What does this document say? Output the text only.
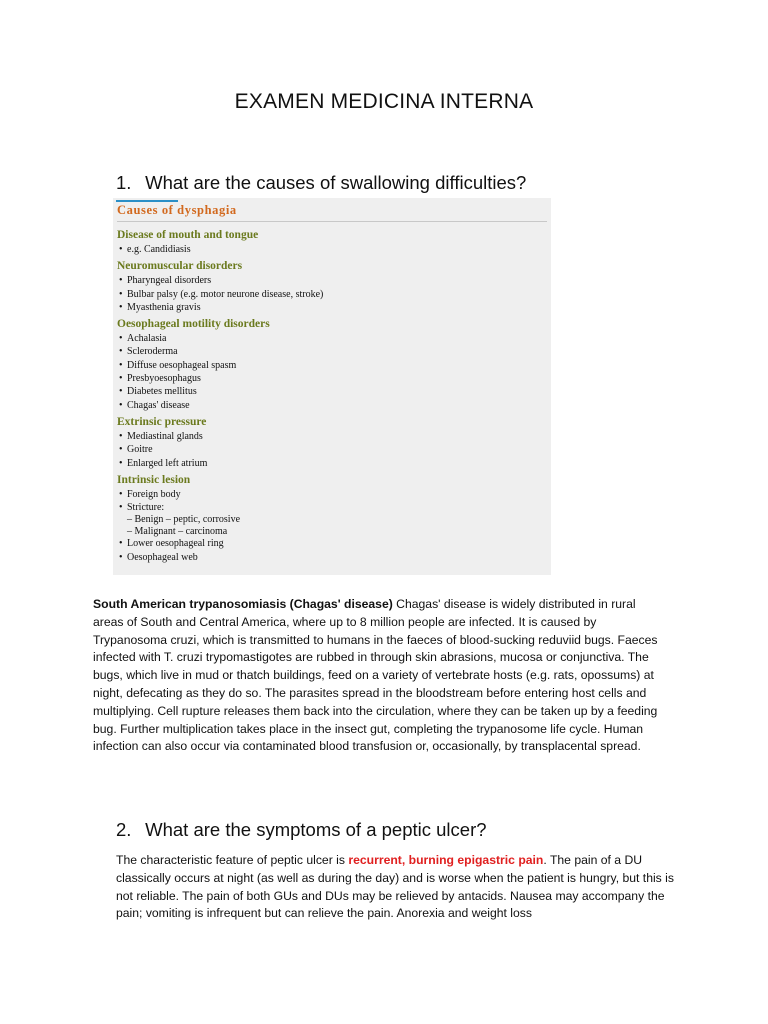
EXAMEN MEDICINA INTERNA
1. What are the causes of swallowing difficulties?
Causes of dysphagia
Disease of mouth and tongue
• e.g. Candidiasis
Neuromuscular disorders
• Pharyngeal disorders
• Bulbar palsy (e.g. motor neurone disease, stroke)
• Myasthenia gravis
Oesophageal motility disorders
• Achalasia
• Scleroderma
• Diffuse oesophageal spasm
• Presbyoesophagus
• Diabetes mellitus
• Chagas' disease
Extrinsic pressure
• Mediastinal glands
• Goitre
• Enlarged left atrium
Intrinsic lesion
• Foreign body
• Stricture:
– Benign – peptic, corrosive
– Malignant – carcinoma
• Lower oesophageal ring
• Oesophageal web
South American trypanosomiasis (Chagas' disease) Chagas' disease is widely distributed in rural areas of South and Central America, where up to 8 million people are infected. It is caused by Trypanosoma cruzi, which is transmitted to humans in the faeces of blood-sucking reduviid bugs. Faeces infected with T. cruzi trypomastigotes are rubbed in through skin abrasions, mucosa or conjunctiva. The bugs, which live in mud or thatch buildings, feed on a variety of vertebrate hosts (e.g. rats, opossums) at night, defecating as they do so. The parasites spread in the bloodstream before entering host cells and multiplying. Cell rupture releases them back into the circulation, where they can be taken up by a feeding bug. Further multiplication takes place in the insect gut, completing the trypanosome life cycle. Human infection can also occur via contaminated blood transfusion or, occasionally, by transplacental spread.
2. What are the symptoms of a peptic ulcer?
The characteristic feature of peptic ulcer is recurrent, burning epigastric pain. The pain of a DU classically occurs at night (as well as during the day) and is worse when the patient is hungry, but this is not reliable. The pain of both GUs and DUs may be relieved by antacids. Nausea may accompany the pain; vomiting is infrequent but can relieve the pain. Anorexia and weight loss
